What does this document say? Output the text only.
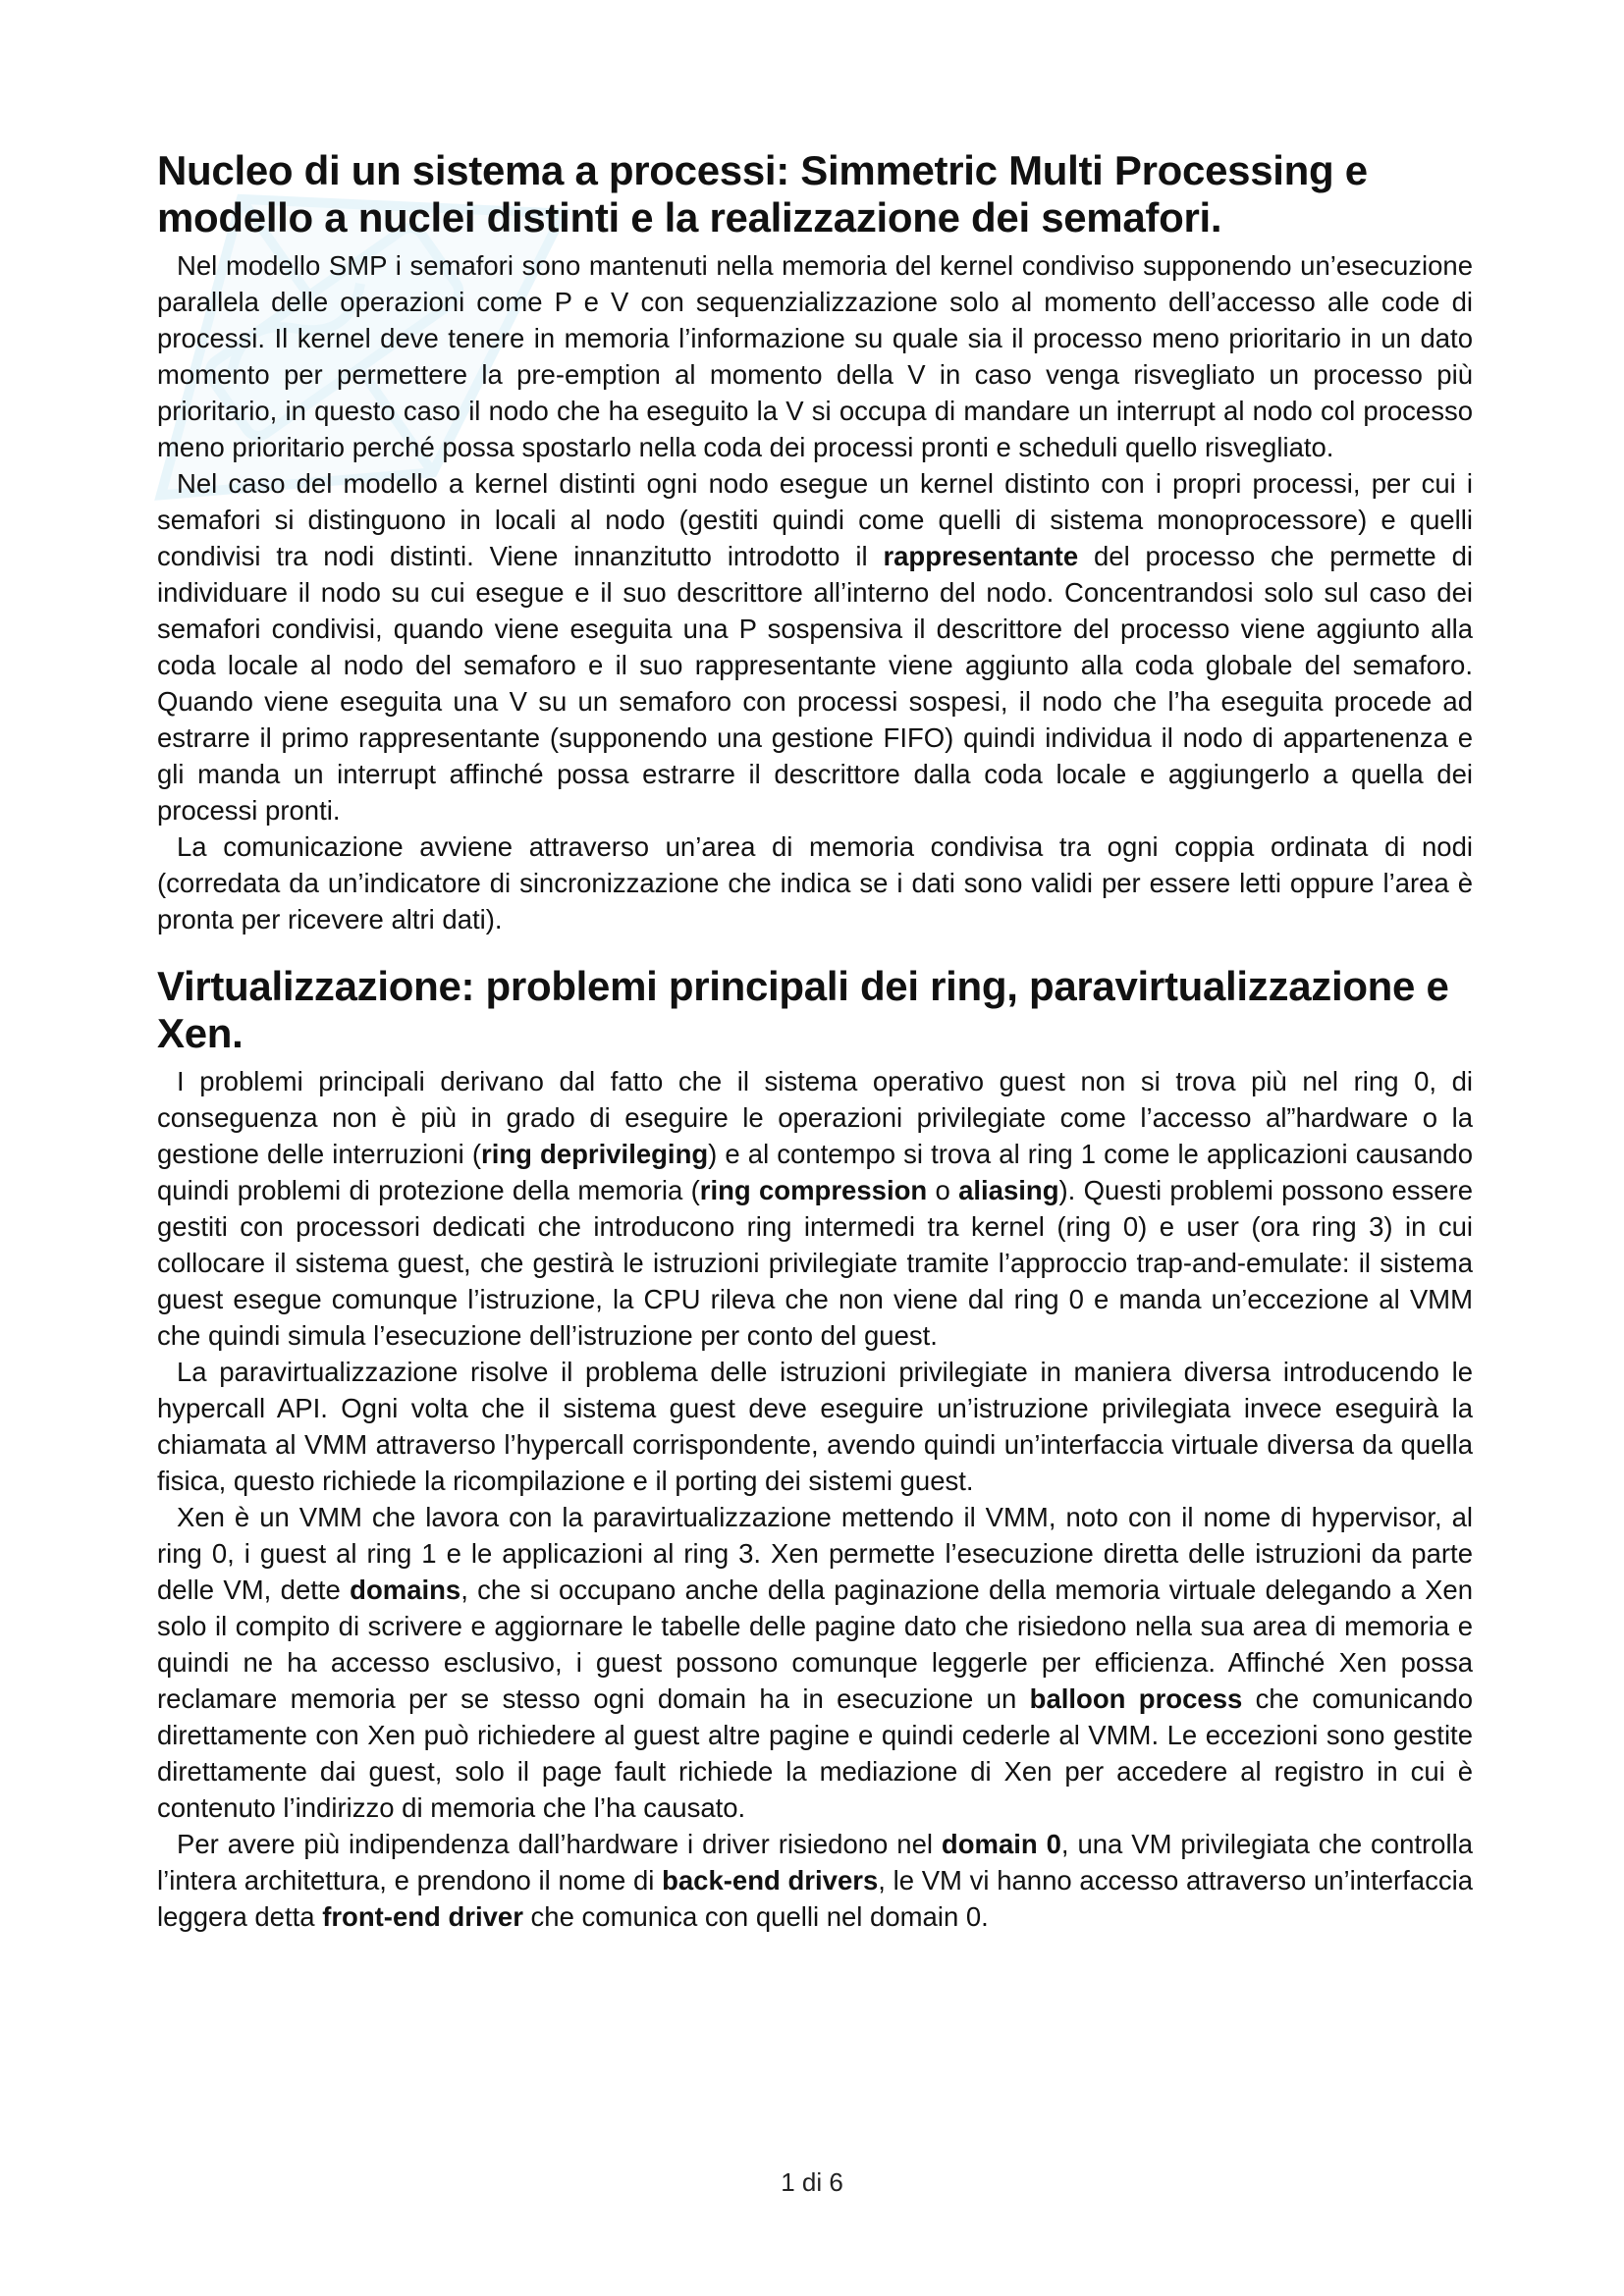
Nucleo di un sistema a processi: Simmetric Multi Processing e modello a nuclei distinti e la realizzazione dei semafori.

Nel modello SMP i semafori sono mantenuti nella memoria del kernel condiviso supponendo un’esecuzione parallela delle operazioni come P e V con sequenzializzazione solo al momento dell’accesso alle code di processi. Il kernel deve tenere in memoria l’informazione su quale sia il processo meno prioritario in un dato momento per permettere la pre-emption al momento della V in caso venga risvegliato un processo più prioritario, in questo caso il nodo che ha eseguito la V si occupa di mandare un interrupt al nodo col processo meno prioritario perché possa spostarlo nella coda dei processi pronti e scheduli quello risvegliato.

Nel caso del modello a kernel distinti ogni nodo esegue un kernel distinto con i propri processi, per cui i semafori si distinguono in locali al nodo (gestiti quindi come quelli di sistema monoprocessore) e quelli condivisi tra nodi distinti. Viene innanzitutto introdotto il rappresentante del processo che permette di individuare il nodo su cui esegue e il suo descrittore all’interno del nodo. Concentrandosi solo sul caso dei semafori condivisi, quando viene eseguita una P sospensiva il descrittore del processo viene aggiunto alla coda locale al nodo del semaforo e il suo rappresentante viene aggiunto alla coda globale del semaforo. Quando viene eseguita una V su un semaforo con processi sospesi, il nodo che l’ha eseguita procede ad estrarre il primo rappresentante (supponendo una gestione FIFO) quindi individua il nodo di appartenenza e gli manda un interrupt affinché possa estrarre il descrittore dalla coda locale e aggiungerlo a quella dei processi pronti.

La comunicazione avviene attraverso un’area di memoria condivisa tra ogni coppia ordinata di nodi (corredata da un’indicatore di sincronizzazione che indica se i dati sono validi per essere letti oppure l’area è pronta per ricevere altri dati).

Virtualizzazione: problemi principali dei ring, paravirtualizzazione e Xen.

I problemi principali derivano dal fatto che il sistema operativo guest non si trova più nel ring 0, di conseguenza non è più in grado di eseguire le operazioni privilegiate come l’accesso al”hardware o la gestione delle interruzioni (ring deprivileging) e al contempo si trova al ring 1 come le applicazioni causando quindi problemi di protezione della memoria (ring compression o aliasing). Questi problemi possono essere gestiti con processori dedicati che introducono ring intermedi tra kernel (ring 0) e user (ora ring 3) in cui collocare il sistema guest, che gestirà le istruzioni privilegiate tramite l’approccio trap-and-emulate: il sistema guest esegue comunque l’istruzione, la CPU rileva che non viene dal ring 0 e manda un’eccezione al VMM che quindi simula l’esecuzione dell’istruzione per conto del guest.

La paravirtualizzazione risolve il problema delle istruzioni privilegiate in maniera diversa introducendo le hypercall API. Ogni volta che il sistema guest deve eseguire un’istruzione privilegiata invece eseguirà la chiamata al VMM attraverso l’hypercall corrispondente, avendo quindi un’interfaccia virtuale diversa da quella fisica, questo richiede la ricompilazione e il porting dei sistemi guest.

Xen è un VMM che lavora con la paravirtualizzazione mettendo il VMM, noto con il nome di hypervisor, al ring 0, i guest al ring 1 e le applicazioni al ring 3. Xen permette l’esecuzione diretta delle istruzioni da parte delle VM, dette domains, che si occupano anche della paginazione della memoria virtuale delegando a Xen solo il compito di scrivere e aggiornare le tabelle delle pagine dato che risiedono nella sua area di memoria e quindi ne ha accesso esclusivo, i guest possono comunque leggerle per efficienza. Affinché Xen possa reclamare memoria per se stesso ogni domain ha in esecuzione un balloon process che comunicando direttamente con Xen può richiedere al guest altre pagine e quindi cederle al VMM. Le eccezioni sono gestite direttamente dai guest, solo il page fault richiede la mediazione di Xen per accedere al registro in cui è contenuto l’indirizzo di memoria che l’ha causato.

Per avere più indipendenza dall’hardware i driver risiedono nel domain 0, una VM privilegiata che controlla l’intera architettura, e prendono il nome di back-end drivers, le VM vi hanno accesso attraverso un’interfaccia leggera detta front-end driver che comunica con quelli nel domain 0.

1 di 6
